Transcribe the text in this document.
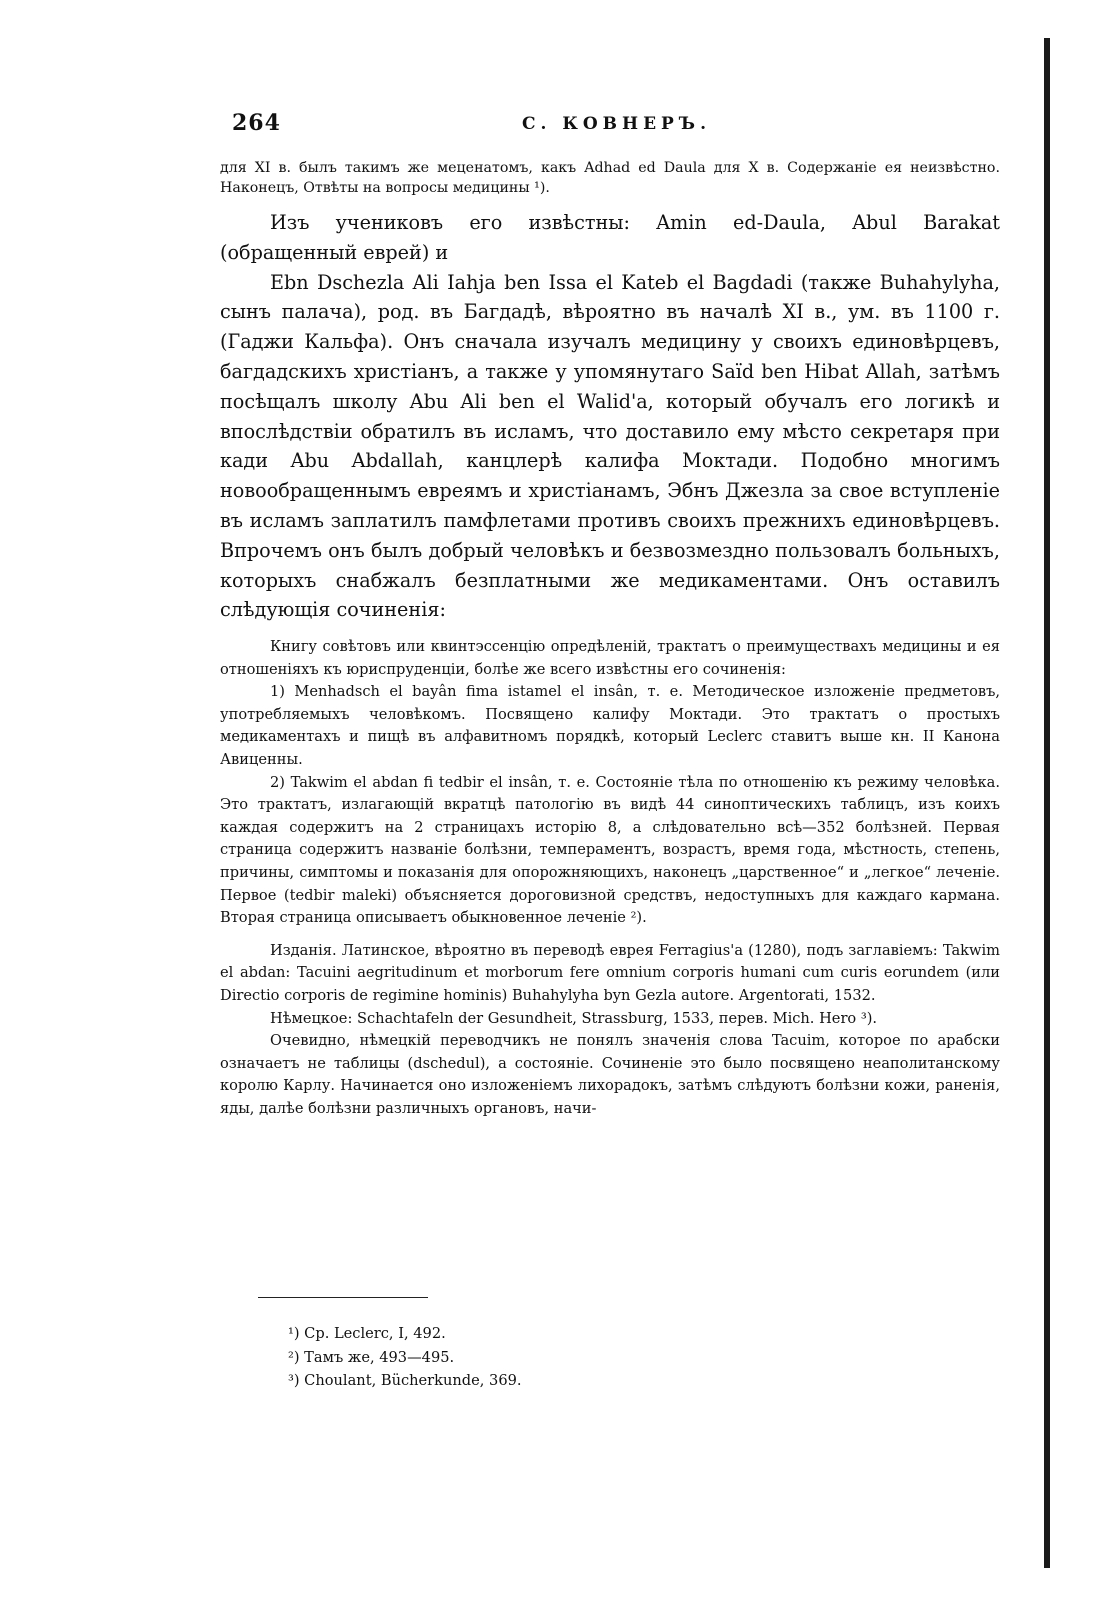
264	С. КОВНЕРЪ.

для XI в. былъ такимъ же меценатомъ, какъ Adhad ed Daula для X в. Содержаніе ея неизвѣстно. Наконецъ, Отвѣты на вопросы медицины ¹).

Изъ учениковъ его извѣстны: Amin ed-Daula, Abul Barakat (обращенный еврей) и

Ebn Dschezla Ali Iahja ben Issa el Kateb el Bagdadi (также Buhahylyha, сынъ палача), род. въ Багдадѣ, вѣроятно въ началѣ XI в., ум. въ 1100 г. (Гаджи Кальфа). Онъ сначала изучалъ медицину у своихъ единовѣрцевъ, багдадскихъ христіанъ, а также у упомянутаго Saïd ben Hibat Allah, затѣмъ посѣщалъ школу Abu Ali ben el Walid'a, который обучалъ его логикѣ и впослѣдствіи обратилъ въ исламъ, что доставило ему мѣсто секретаря при кади Abu Abdallah, канцлерѣ калифа Моктади. Подобно многимъ новообращеннымъ евреямъ и христіанамъ, Эбнъ Джезла за свое вступленіе въ исламъ заплатилъ памфлетами противъ своихъ прежнихъ единовѣрцевъ. Впрочемъ онъ былъ добрый человѣкъ и безвозмездно пользовалъ больныхъ, которыхъ снабжалъ безплатными же медикаментами. Онъ оставилъ слѣдующія сочиненія:

Книгу совѣтовъ или квинтэссенцію опредѣленій, трактатъ о преимуществахъ медицины и ея отношеніяхъ къ юриспруденціи, болѣе же всего извѣстны его сочиненія:

1) Menhadsch el bayân fima istamel el insân, т. е. Методическое изложеніе предметовъ, употребляемыхъ человѣкомъ. Посвящено калифу Моктади. Это трактатъ о простыхъ медикаментахъ и пищѣ въ алфавитномъ порядкѣ, который Leclerc ставитъ выше кн. II Канона Авиценны.

2) Takwim el abdan fi tedbir el insân, т. е. Состояніе тѣла по отношенію къ режиму человѣка. Это трактатъ, излагающій вкратцѣ патологію въ видѣ 44 синоптическихъ таблицъ, изъ коихъ каждая содержитъ на 2 страницахъ исторію 8, а слѣдовательно всѣ—352 болѣзней. Первая страница содержитъ названіе болѣзни, темпераментъ, возрастъ, время года, мѣстность, степень, причины, симптомы и показанія для опорожняющихъ, наконецъ „царственное“ и „легкое“ леченіе. Первое (tedbir maleki) объясняется дороговизной средствъ, недоступныхъ для каждаго кармана. Вторая страница описываетъ обыкновенное леченіе ²).

Изданія. Латинское, вѣроятно въ переводѣ еврея Ferragius'а (1280), подъ заглавіемъ: Takwim el abdan: Tacuini aegritudinum et morborum fere omnium corporis humani cum curis eorundem (или Directio corporis de regimine hominis) Buhahylyha byn Gezla autore. Argentorati, 1532.

Нѣмецкое: Schachtafeln der Gesundheit, Strassburg, 1533, перев. Mich. Hero ³).

Очевидно, нѣмецкій переводчикъ не понялъ значенія слова Tacuim, которое по арабски означаетъ не таблицы (dschedul), а состояніе. Сочиненіе это было посвящено неаполитанскому королю Карлу. Начинается оно изложеніемъ лихорадокъ, затѣмъ слѣдуютъ болѣзни кожи, раненія, яды, далѣе болѣзни различныхъ органовъ, начи-

¹) Ср. Leclerc, I, 492.
²) Тамъ же, 493—495.
³) Choulant, Bücherkunde, 369.
